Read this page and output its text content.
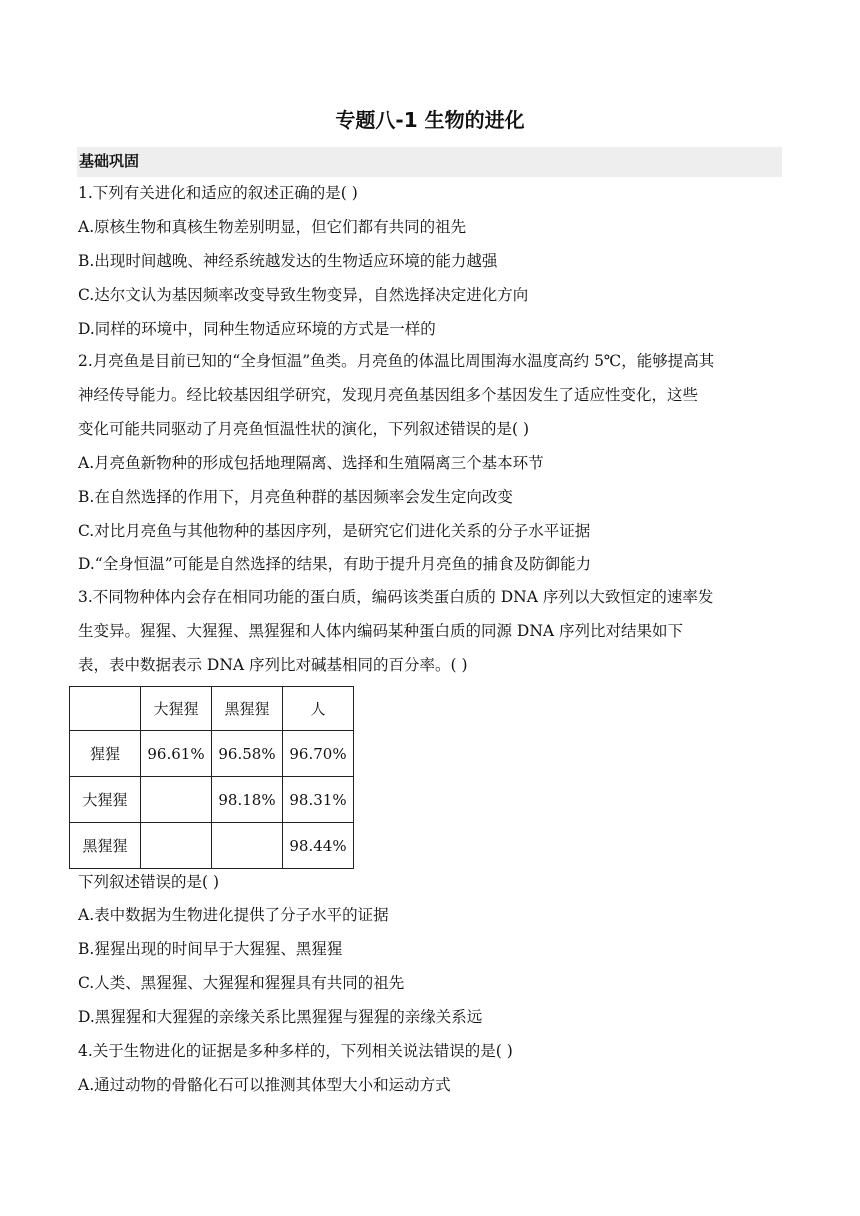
专题八-1 生物的进化
基础巩固
1.下列有关进化和适应的叙述正确的是( )
A.原核生物和真核生物差别明显，但它们都有共同的祖先
B.出现时间越晚、神经系统越发达的生物适应环境的能力越强
C.达尔文认为基因频率改变导致生物变异，自然选择决定进化方向
D.同样的环境中，同种生物适应环境的方式是一样的
2.月亮鱼是目前已知的“全身恒温”鱼类。月亮鱼的体温比周围海水温度高约 5℃，能够提高其
神经传导能力。经比较基因组学研究，发现月亮鱼基因组多个基因发生了适应性变化，这些
变化可能共同驱动了月亮鱼恒温性状的演化，下列叙述错误的是( )
A.月亮鱼新物种的形成包括地理隔离、选择和生殖隔离三个基本环节
B.在自然选择的作用下，月亮鱼种群的基因频率会发生定向改变
C.对比月亮鱼与其他物种的基因序列，是研究它们进化关系的分子水平证据
D.“全身恒温”可能是自然选择的结果，有助于提升月亮鱼的捕食及防御能力
3.不同物种体内会存在相同功能的蛋白质，编码该类蛋白质的 DNA 序列以大致恒定的速率发
生变异。猩猩、大猩猩、黑猩猩和人体内编码某种蛋白质的同源 DNA 序列比对结果如下
表，表中数据表示 DNA 序列比对碱基相同的百分率。( )
	大猩猩	黑猩猩	人
猩猩	96.61%	96.58%	96.70%
大猩猩		98.18%	98.31%
黑猩猩			98.44%
下列叙述错误的是( )
A.表中数据为生物进化提供了分子水平的证据
B.猩猩出现的时间早于大猩猩、黑猩猩
C.人类、黑猩猩、大猩猩和猩猩具有共同的祖先
D.黑猩猩和大猩猩的亲缘关系比黑猩猩与猩猩的亲缘关系远
4.关于生物进化的证据是多种多样的，下列相关说法错误的是( )
A.通过动物的骨骼化石可以推测其体型大小和运动方式
